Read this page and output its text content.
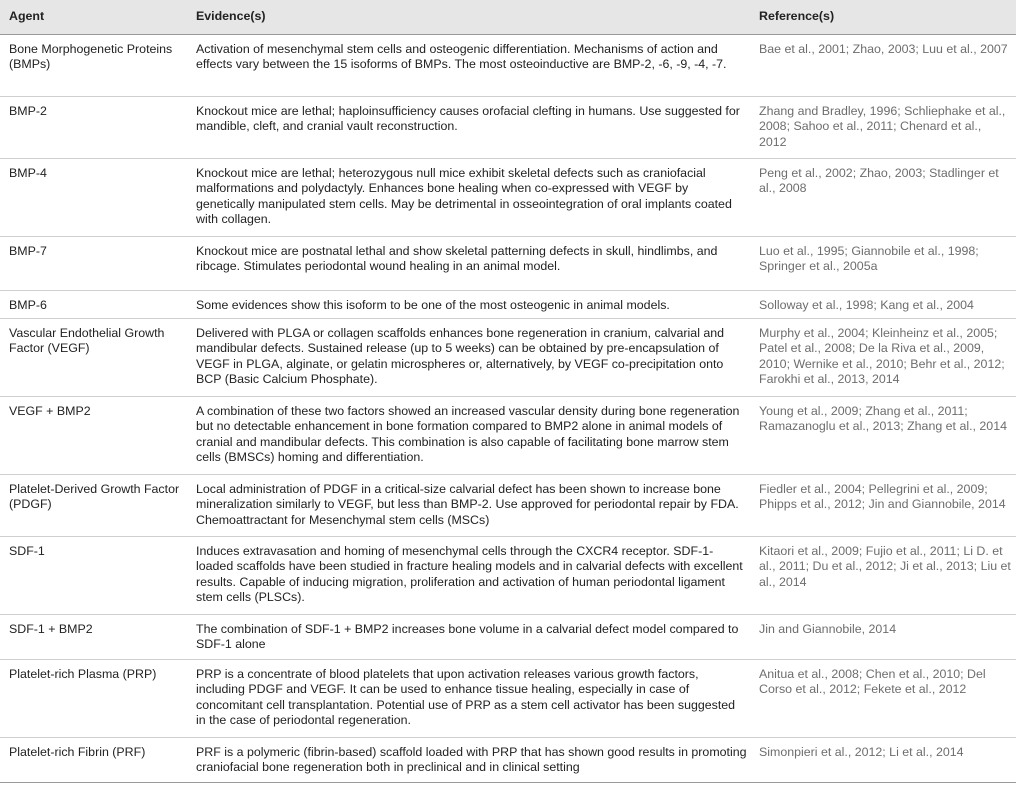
Agent	Evidence(s)	Reference(s)
Bone Morphogenetic Proteins (BMPs)	Activation of mesenchymal stem cells and osteogenic differentiation. Mechanisms of action and effects vary between the 15 isoforms of BMPs. The most osteoinductive are BMP-2, -6, -9, -4, -7.	Bae et al., 2001; Zhao, 2003; Luu et al., 2007
BMP-2	Knockout mice are lethal; haploinsufficiency causes orofacial clefting in humans. Use suggested for mandible, cleft, and cranial vault reconstruction.	Zhang and Bradley, 1996; Schliephake et al., 2008; Sahoo et al., 2011; Chenard et al., 2012
BMP-4	Knockout mice are lethal; heterozygous null mice exhibit skeletal defects such as craniofacial malformations and polydactyly. Enhances bone healing when co-expressed with VEGF by genetically manipulated stem cells. May be detrimental in osseointegration of oral implants coated with collagen.	Peng et al., 2002; Zhao, 2003; Stadlinger et al., 2008
BMP-7	Knockout mice are postnatal lethal and show skeletal patterning defects in skull, hindlimbs, and ribcage. Stimulates periodontal wound healing in an animal model.	Luo et al., 1995; Giannobile et al., 1998; Springer et al., 2005a
BMP-6	Some evidences show this isoform to be one of the most osteogenic in animal models.	Solloway et al., 1998; Kang et al., 2004
Vascular Endothelial Growth Factor (VEGF)	Delivered with PLGA or collagen scaffolds enhances bone regeneration in cranium, calvarial and mandibular defects. Sustained release (up to 5 weeks) can be obtained by pre-encapsulation of VEGF in PLGA, alginate, or gelatin microspheres or, alternatively, by VEGF co-precipitation onto BCP (Basic Calcium Phosphate).	Murphy et al., 2004; Kleinheinz et al., 2005; Patel et al., 2008; De la Riva et al., 2009, 2010; Wernike et al., 2010; Behr et al., 2012; Farokhi et al., 2013, 2014
VEGF + BMP2	A combination of these two factors showed an increased vascular density during bone regeneration but no detectable enhancement in bone formation compared to BMP2 alone in animal models of cranial and mandibular defects. This combination is also capable of facilitating bone marrow stem cells (BMSCs) homing and differentiation.	Young et al., 2009; Zhang et al., 2011; Ramazanoglu et al., 2013; Zhang et al., 2014
Platelet-Derived Growth Factor (PDGF)	Local administration of PDGF in a critical-size calvarial defect has been shown to increase bone mineralization similarly to VEGF, but less than BMP-2. Use approved for periodontal repair by FDA. Chemoattractant for Mesenchymal stem cells (MSCs)	Fiedler et al., 2004; Pellegrini et al., 2009; Phipps et al., 2012; Jin and Giannobile, 2014
SDF-1	Induces extravasation and homing of mesenchymal cells through the CXCR4 receptor. SDF-1-loaded scaffolds have been studied in fracture healing models and in calvarial defects with excellent results. Capable of inducing migration, proliferation and activation of human periodontal ligament stem cells (PLSCs).	Kitaori et al., 2009; Fujio et al., 2011; Li D. et al., 2011; Du et al., 2012; Ji et al., 2013; Liu et al., 2014
SDF-1 + BMP2	The combination of SDF-1 + BMP2 increases bone volume in a calvarial defect model compared to SDF-1 alone	Jin and Giannobile, 2014
Platelet-rich Plasma (PRP)	PRP is a concentrate of blood platelets that upon activation releases various growth factors, including PDGF and VEGF. It can be used to enhance tissue healing, especially in case of concomitant cell transplantation. Potential use of PRP as a stem cell activator has been suggested in the case of periodontal regeneration.	Anitua et al., 2008; Chen et al., 2010; Del Corso et al., 2012; Fekete et al., 2012
Platelet-rich Fibrin (PRF)	PRF is a polymeric (fibrin-based) scaffold loaded with PRP that has shown good results in promoting craniofacial bone regeneration both in preclinical and in clinical setting	Simonpieri et al., 2012; Li et al., 2014
